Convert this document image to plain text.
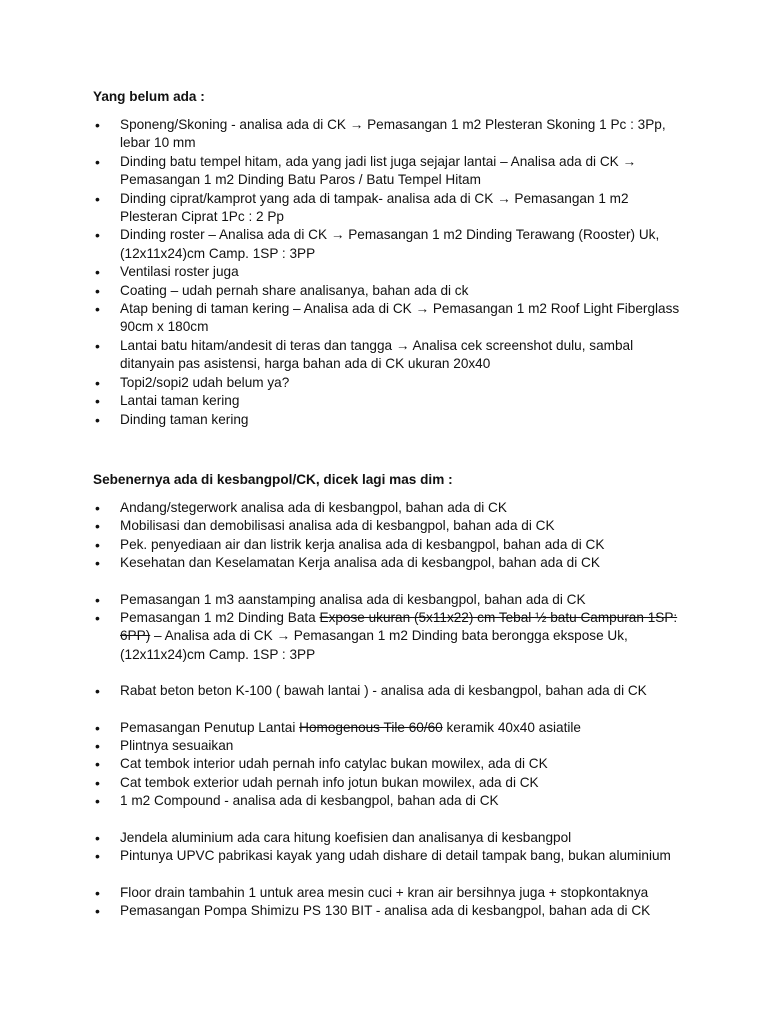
Yang belum ada :
• Sponeng/Skoning - analisa ada di CK → Pemasangan 1 m2 Plesteran Skoning 1 Pc : 3Pp, lebar 10 mm
• Dinding batu tempel hitam, ada yang jadi list juga sejajar lantai – Analisa ada di CK → Pemasangan 1 m2 Dinding Batu Paros / Batu Tempel Hitam
• Dinding ciprat/kamprot yang ada di tampak- analisa ada di CK → Pemasangan 1 m2 Plesteran Ciprat 1Pc : 2 Pp
• Dinding roster – Analisa ada di CK → Pemasangan 1 m2 Dinding Terawang (Rooster) Uk, (12x11x24)cm Camp. 1SP : 3PP
• Ventilasi roster juga
• Coating – udah pernah share analisanya, bahan ada di ck
• Atap bening di taman kering – Analisa ada di CK → Pemasangan 1 m2 Roof Light Fiberglass 90cm x 180cm
• Lantai batu hitam/andesit di teras dan tangga → Analisa cek screenshot dulu, sambal ditanyain pas asistensi, harga bahan ada di CK ukuran 20x40
• Topi2/sopi2 udah belum ya?
• Lantai taman kering
• Dinding taman kering
Sebenernya ada di kesbangpol/CK, dicek lagi mas dim :
• Andang/stegerwork analisa ada di kesbangpol, bahan ada di CK
• Mobilisasi dan demobilisasi analisa ada di kesbangpol, bahan ada di CK
• Pek. penyediaan air dan listrik kerja analisa ada di kesbangpol, bahan ada di CK
• Kesehatan dan Keselamatan Kerja analisa ada di kesbangpol, bahan ada di CK
• Pemasangan 1 m3 aanstamping analisa ada di kesbangpol, bahan ada di CK
• Pemasangan 1 m2 Dinding Bata Expose ukuran (5x11x22) cm Tebal ½ batu Campuran 1SP: 6PP) – Analisa ada di CK → Pemasangan 1 m2 Dinding bata berongga ekspose Uk, (12x11x24)cm Camp. 1SP : 3PP
• Rabat beton beton K-100 ( bawah lantai ) - analisa ada di kesbangpol, bahan ada di CK
• Pemasangan Penutup Lantai Homogenous Tile 60/60 keramik 40x40 asiatile
• Plintnya sesuaikan
• Cat tembok interior udah pernah info catylac bukan mowilex, ada di CK
• Cat tembok exterior udah pernah info jotun bukan mowilex, ada di CK
• 1 m2 Compound - analisa ada di kesbangpol, bahan ada di CK
• Jendela aluminium ada cara hitung koefisien dan analisanya di kesbangpol
• Pintunya UPVC pabrikasi kayak yang udah dishare di detail tampak bang, bukan aluminium
• Floor drain tambahin 1 untuk area mesin cuci + kran air bersihnya juga + stopkontaknya
• Pemasangan Pompa Shimizu PS 130 BIT - analisa ada di kesbangpol, bahan ada di CK
